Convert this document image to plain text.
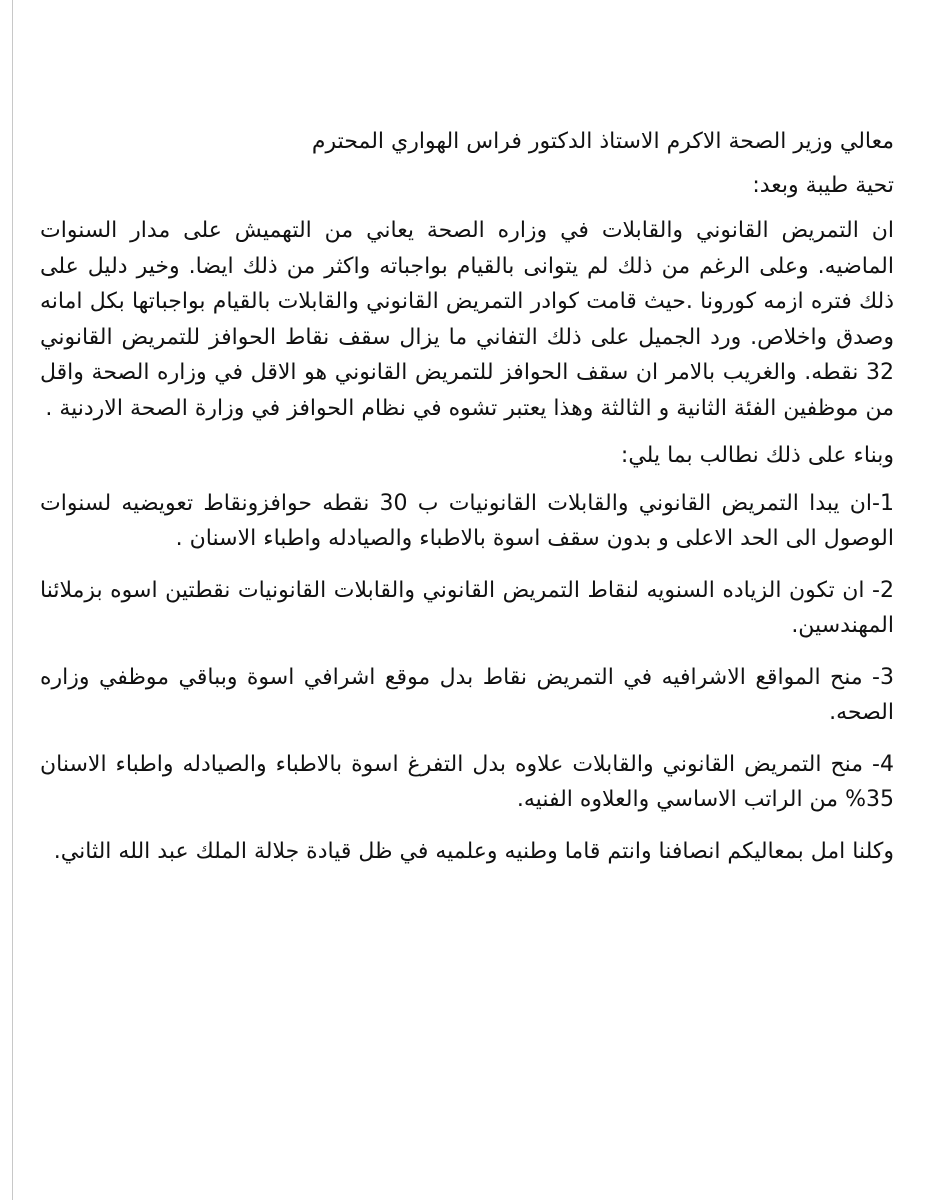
معالي وزير الصحة الاكرم الاستاذ الدكتور فراس الهواري المحترم

تحية طيبة وبعد:

ان التمريض القانوني والقابلات في وزاره الصحة يعاني من التهميش على مدار السنوات الماضيه. وعلى الرغم من ذلك لم يتوانى بالقيام بواجباته واكثر من ذلك ايضا. وخير دليل على ذلك فتره ازمه كورونا .حيث قامت كوادر التمريض القانوني والقابلات بالقيام بواجباتها بكل امانه وصدق واخلاص. ورد الجميل على ذلك التفاني ما يزال سقف نقاط الحوافز للتمريض القانوني 32 نقطه. والغريب بالامر ان سقف الحوافز للتمريض القانوني هو الاقل في وزاره الصحة واقل من موظفين الفئة الثانية و الثالثة وهذا يعتبر تشوه في نظام الحوافز في وزارة الصحة الاردنية .

وبناء على ذلك نطالب بما يلي:

1-ان يبدا التمريض القانوني والقابلات القانونيات ب 30 نقطه حوافزونقاط تعويضيه لسنوات الوصول الى الحد الاعلى و بدون سقف اسوة بالاطباء والصيادله واطباء الاسنان .

2- ان تكون الزياده السنويه لنقاط التمريض القانوني والقابلات القانونيات نقطتين اسوه بزملائنا المهندسين.

3- منح المواقع الاشرافيه في التمريض نقاط بدل موقع اشرافي اسوة وبباقي موظفي وزاره الصحه.

4- منح التمريض القانوني والقابلات علاوه بدل التفرغ اسوة بالاطباء والصيادله واطباء الاسنان 35% من الراتب الاساسي والعلاوه الفنيه.

وكلنا امل بمعاليكم انصافنا وانتم قاما وطنيه وعلميه في ظل قيادة جلالة الملك عبد الله الثاني.
